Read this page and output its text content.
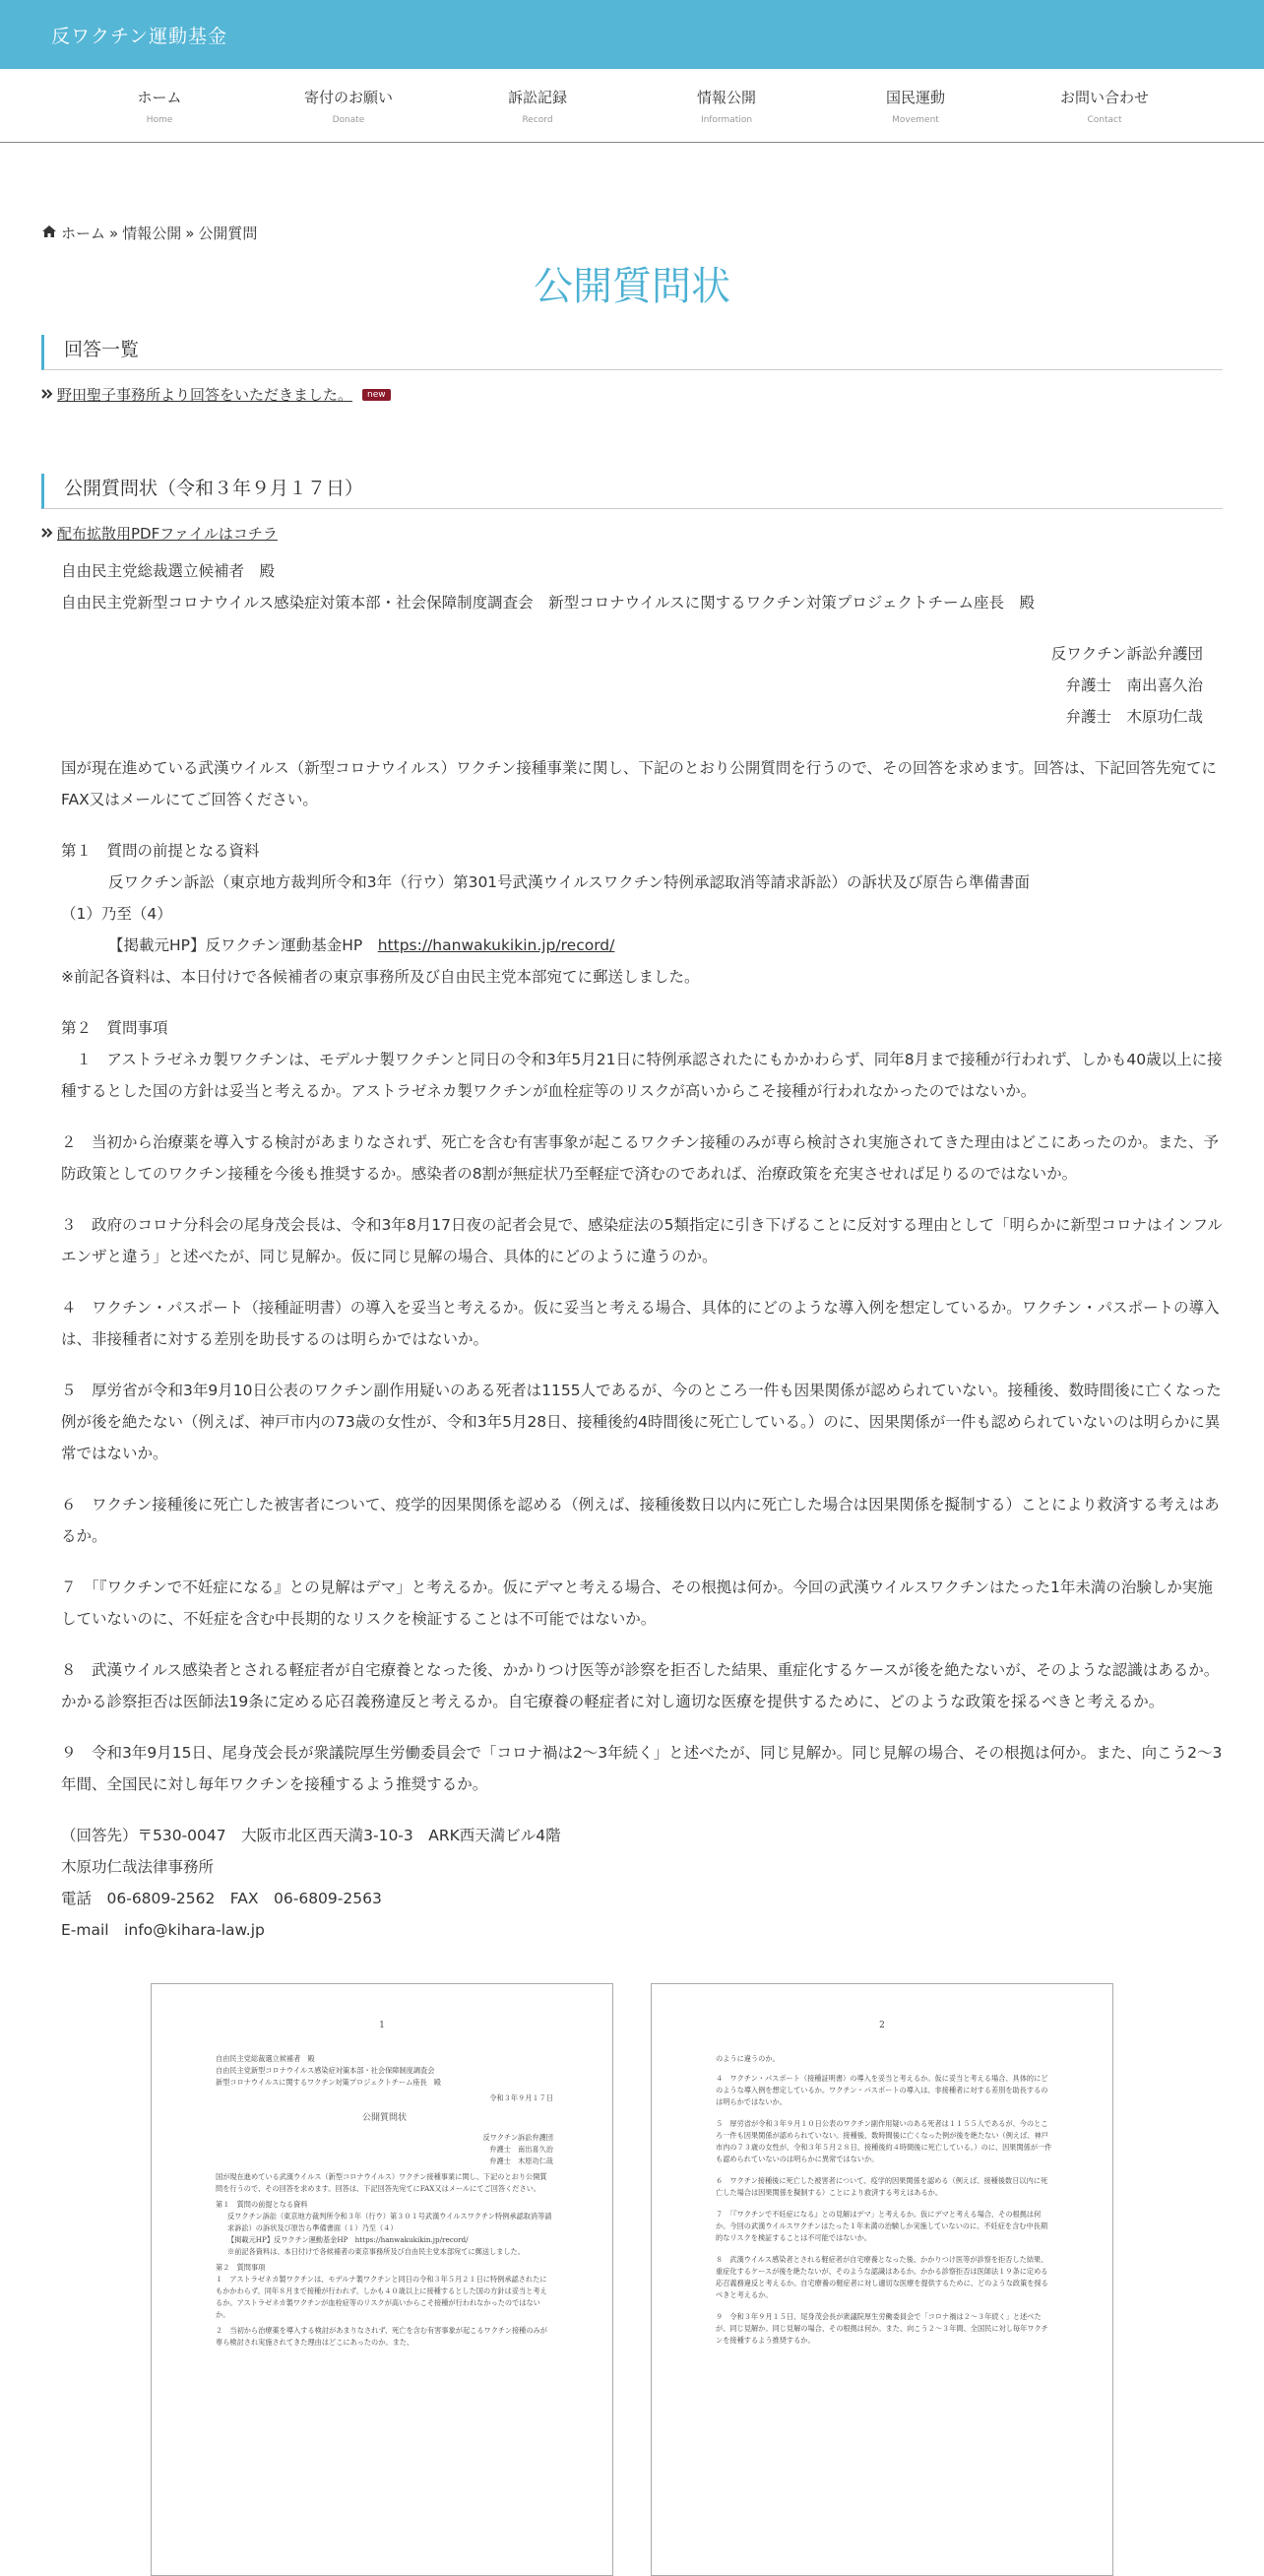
反ワクチン運動基金
ホーム
Home
寄付のお願い
Donate
訴訟記録
Record
情報公開
Information
国民運動
Movement
お問い合わせ
Contact
ホーム » 情報公開 » 公開質問
公開質問状
回答一覧
野田聖子事務所より回答をいただきました。	new
公開質問状（令和３年９月１７日）
配布拡散用PDFファイルはコチラ

自由民主党総裁選立候補者　殿

自由民主党新型コロナウイルス感染症対策本部・社会保障制度調査会　新型コロナウイルスに関するワクチン対策プロジェクトチーム座長　殿

反ワクチン訴訟弁護団

弁護士　南出喜久治

弁護士　木原功仁哉

国が現在進めている武漢ウイルス（新型コロナウイルス）ワクチン接種事業に関し、下記のとおり公開質問を行うので、その回答を求めます。回答は、下記回答先宛てにFAX又はメールにてご回答ください。

第１　質問の前提となる資料

反ワクチン訴訟（東京地方裁判所令和3年（行ウ）第301号武漢ウイルスワクチン特例承認取消等請求訴訟）の訴状及び原告ら準備書面

（1）乃至（4）

【掲載元HP】反ワクチン運動基金HP　https://hanwakukikin.jp/record/

※前記各資料は、本日付けで各候補者の東京事務所及び自由民主党本部宛てに郵送しました。

第２　質問事項

　１　アストラゼネカ製ワクチンは、モデルナ製ワクチンと同日の令和3年5月21日に特例承認されたにもかかわらず、同年8月まで接種が行われず、しかも40歳以上に接種するとした国の方針は妥当と考えるか。アストラゼネカ製ワクチンが血栓症等のリスクが高いからこそ接種が行われなかったのではないか。

２　当初から治療薬を導入する検討があまりなされず、死亡を含む有害事象が起こるワクチン接種のみが専ら検討され実施されてきた理由はどこにあったのか。また、予防政策としてのワクチン接種を今後も推奨するか。感染者の8割が無症状乃至軽症で済むのであれば、治療政策を充実させれば足りるのではないか。

３　政府のコロナ分科会の尾身茂会長は、令和3年8月17日夜の記者会見で、感染症法の5類指定に引き下げることに反対する理由として「明らかに新型コロナはインフルエンザと違う」と述べたが、同じ見解か。仮に同じ見解の場合、具体的にどのように違うのか。

４　ワクチン・パスポート（接種証明書）の導入を妥当と考えるか。仮に妥当と考える場合、具体的にどのような導入例を想定しているか。ワクチン・パスポートの導入は、非接種者に対する差別を助長するのは明らかではないか。

５　厚労省が令和3年9月10日公表のワクチン副作用疑いのある死者は1155人であるが、今のところ一件も因果関係が認められていない。接種後、数時間後に亡くなった例が後を絶たない（例えば、神戸市内の73歳の女性が、令和3年5月28日、接種後約4時間後に死亡している。）のに、因果関係が一件も認められていないのは明らかに異常ではないか。

６　ワクチン接種後に死亡した被害者について、疫学的因果関係を認める（例えば、接種後数日以内に死亡した場合は因果関係を擬制する）ことにより救済する考えはあるか。

７　「『ワクチンで不妊症になる』との見解はデマ」と考えるか。仮にデマと考える場合、その根拠は何か。今回の武漢ウイルスワクチンはたった1年未満の治験しか実施していないのに、不妊症を含む中長期的なリスクを検証することは不可能ではないか。

８　武漢ウイルス感染者とされる軽症者が自宅療養となった後、かかりつけ医等が診察を拒否した結果、重症化するケースが後を絶たないが、そのような認識はあるか。かかる診察拒否は医師法19条に定める応召義務違反と考えるか。自宅療養の軽症者に対し適切な医療を提供するために、どのような政策を採るべきと考えるか。

９　令和3年9月15日、尾身茂会長が衆議院厚生労働委員会で「コロナ禍は2～3年続く」と述べたが、同じ見解か。同じ見解の場合、その根拠は何か。また、向こう2～3年間、全国民に対し毎年ワクチンを接種するよう推奨するか。

（回答先）〒530-0047　大阪市北区西天満3-10-3　ARK西天満ビル4階

木原功仁哉法律事務所

電話　06-6809-2562　FAX　06-6809-2563

E-mail　info@kihara-law.jp

1

自由民主党総裁選立候補者　殿

自由民主党新型コロナウイルス感染症対策本部・社会保障制度調査会

新型コロナウイルスに関するワクチン対策プロジェクトチーム座長　殿

令和３年９月１７日

公開質問状

反ワクチン訴訟弁護団

弁護士　南出喜久治

弁護士　木原功仁哉

国が現在進めている武漢ウイルス（新型コロナウイルス）ワクチン接種事業に関し、下記のとおり公開質問を行うので、その回答を求めます。回答は、下記回答先宛てにFAX又はメールにてご回答ください。

第１　質問の前提となる資料

反ワクチン訴訟（東京地方裁判所令和３年（行ウ）第３０１号武漢ウイルスワクチン特例承認取消等請求訴訟）の訴状及び原告ら準備書面（１）乃至（４）

【掲載元HP】反ワクチン運動基金HP　https://hanwakukikin.jp/record/

※前記各資料は、本日付けで各候補者の東京事務所及び自由民主党本部宛てに郵送しました。

第２　質問事項

１　アストラゼネカ製ワクチンは、モデルナ製ワクチンと同日の令和３年５月２１日に特例承認されたにもかかわらず、同年８月まで接種が行われず、しかも４０歳以上に接種するとした国の方針は妥当と考えるか。アストラゼネカ製ワクチンが血栓症等のリスクが高いからこそ接種が行われなかったのではないか。

２　当初から治療薬を導入する検討があまりなされず、死亡を含む有害事象が起こるワクチン接種のみが専ら検討され実施されてきた理由はどこにあったのか。また、

2

のように違うのか。

４　ワクチン・パスポート（接種証明書）の導入を妥当と考えるか。仮に妥当と考える場合、具体的にどのような導入例を想定しているか。ワクチン・パスポートの導入は、非接種者に対する差別を助長するのは明らかではないか。

５　厚労省が令和３年９月１０日公表のワクチン副作用疑いのある死者は１１５５人であるが、今のところ一件も因果関係が認められていない。接種後、数時間後に亡くなった例が後を絶たない（例えば、神戸市内の７３歳の女性が、令和３年５月２８日、接種後約４時間後に死亡している。）のに、因果関係が一件も認められていないのは明らかに異常ではないか。

６　ワクチン接種後に死亡した被害者について、疫学的因果関係を認める（例えば、接種後数日以内に死亡した場合は因果関係を擬制する）ことにより救済する考えはあるか。

７　「『ワクチンで不妊症になる』との見解はデマ」と考えるか。仮にデマと考える場合、その根拠は何か。今回の武漢ウイルスワクチンはたった１年未満の治験しか実施していないのに、不妊症を含む中長期的なリスクを検証することは不可能ではないか。

８　武漢ウイルス感染者とされる軽症者が自宅療養となった後、かかりつけ医等が診察を拒否した結果、重症化するケースが後を絶たないが、そのような認識はあるか。かかる診察拒否は医師法１９条に定める応召義務違反と考えるか。自宅療養の軽症者に対し適切な医療を提供するために、どのような政策を採るべきと考えるか。

９　令和３年９月１５日、尾身茂会長が衆議院厚生労働委員会で「コロナ禍は２～３年続く」と述べたが、同じ見解か。同じ見解の場合、その根拠は何か。また、向こう２～３年間、全国民に対し毎年ワクチンを接種するよう推奨するか。
